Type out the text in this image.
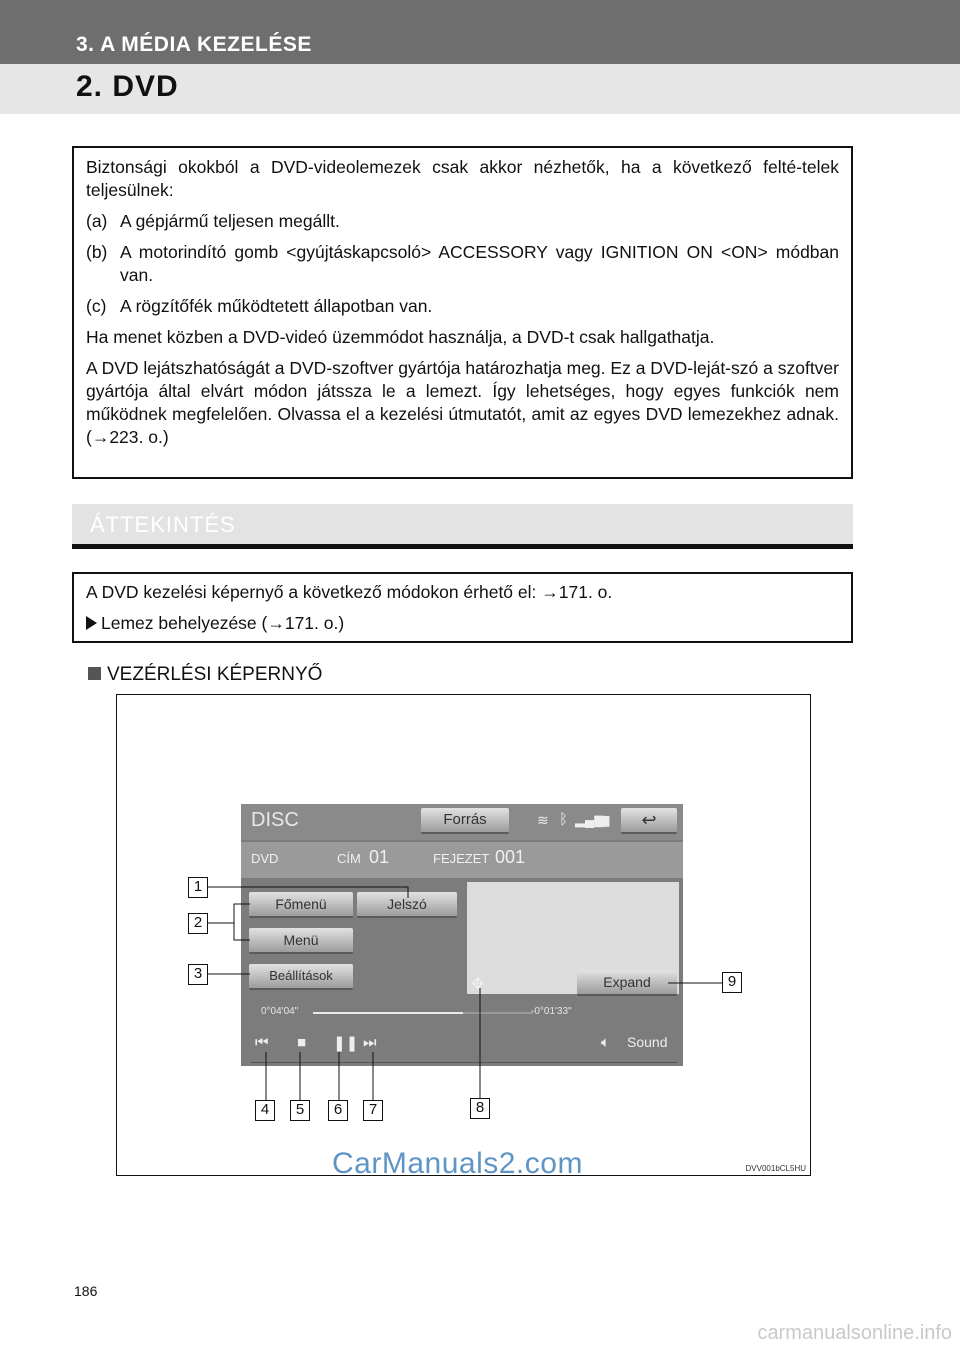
3. A MÉDIA KEZELÉSE
2. DVD

Biztonsági okokból a DVD-videolemezek csak akkor nézhetők, ha a következő felté-telek teljesülnek:

(a) A gépjármű teljesen megállt.
(b) A motorindító gomb <gyújtáskapcsoló> ACCESSORY vagy IGNITION ON <ON> módban van.
(c) A rögzítőfék működtetett állapotban van.

Ha menet közben a DVD-videó üzemmódot használja, a DVD-t csak hallgathatja.

A DVD lejátszhatóságát a DVD-szoftver gyártója határozhatja meg. Ez a DVD-leját-szó a szoftver gyártója által elvárt módon játssza le a lemezt. Így lehetséges, hogy egyes funkciók nem működnek megfelelően. Olvassa el a kezelési útmutatót, amit az egyes DVD lemezekhez adnak. (→223. o.)

ÁTTEKINTÉS

A DVD kezelési képernyő a következő módokon érhető el: →171. o.

Lemez behelyezése (→171. o.)

VEZÉRLÉSI KÉPERNYŐ
DVV001bCL5HU
DISC	Forrás	≋ ᛒ ▂▄▆
▮	↩
DVD	CÍM 01	FEJEZET 001
Főmenü	Jelszó
Menü
Beállítások
✥	Expand
0°04'04"	-0°01'33"
⏮ ■ ❚❚ ⏭	🔈︎ Sound
1
2
3
4	5	6	7	8
9
CarManuals2.com
186
carmanualsonline.info
